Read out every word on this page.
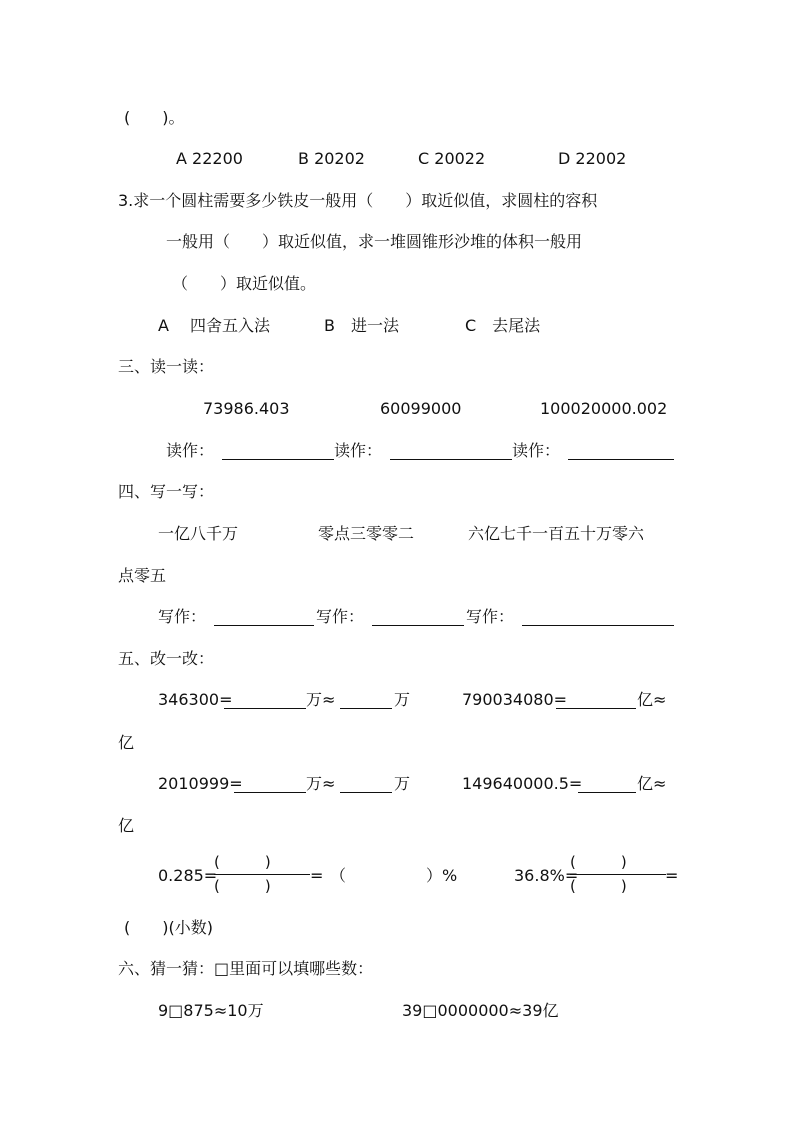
(　　)。
A 22200	B 20202	C 20022	D 22002
3.求一个圆柱需要多少铁皮一般用（　　）取近似值，求圆柱的容积
一般用（　　）取近似值，求一堆圆锥形沙堆的体积一般用
（　　）取近似值。
A　 四舍五入法	B　进一法	C　去尾法
三、读一读：
73986.403	60099000	100020000.002
读作：	读作：	读作：
四、写一写：
一亿八千万	零点三零零二	六亿七千一百五十万零六
点零五
写作：	写作：	写作：
五、改一改：
346300=	万 ≈	万	790034080=	亿 ≈
亿
2010999=	万 ≈	万	149640000.5=	亿 ≈
亿
0.285=
(　　　)
(　　　)
= （　　　　　）%	36.8%=
(　　　)
(　　　)
=
(　　)(小数)
六、猜一猜：□里面可以填哪些数：
9□875≈10万	39□0000000≈39亿
